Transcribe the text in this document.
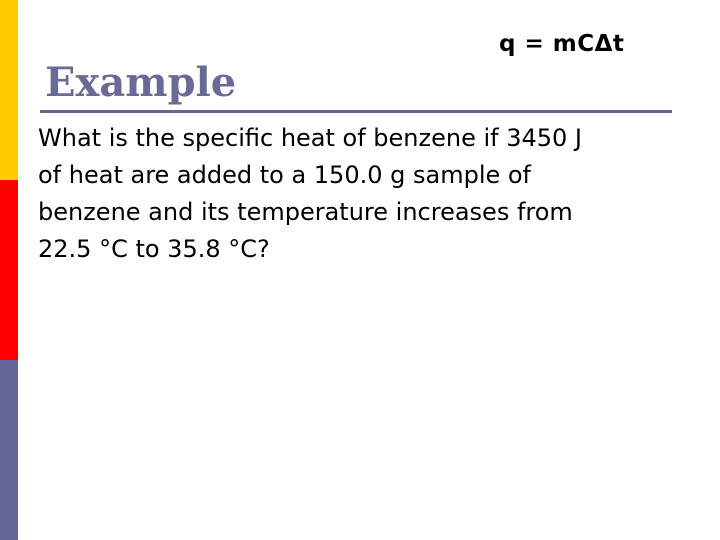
q = mCΔt
Example
What is the specific heat of benzene if 3450 J
of heat are added to a 150.0 g sample of
benzene and its temperature increases from
22.5 °C to 35.8 °C?
